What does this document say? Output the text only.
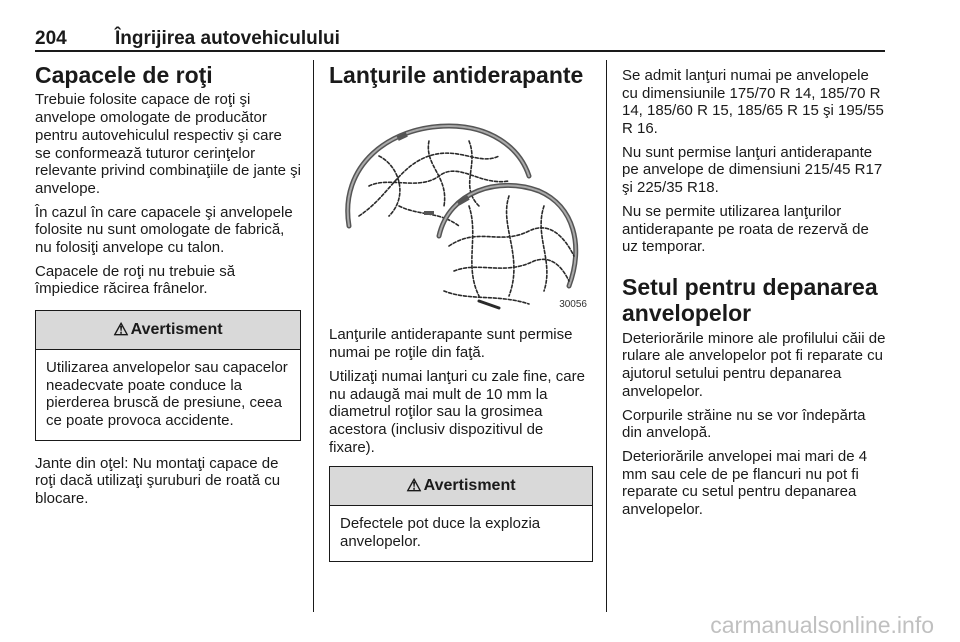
204	Îngrijirea autovehiculului
Capacele de roţi

Trebuie folosite capace de roţi şi anvelope omologate de producător pentru autovehiculul respectiv şi care se conformează tuturor cerinţelor relevante privind combinaţiile de jante şi anvelope.

În cazul în care capacele şi anvelopele folosite nu sunt omologate de fabrică, nu folosiţi anvelope cu talon.

Capacele de roţi nu trebuie să împiedice răcirea frânelor.

⚠ Avertisment
Utilizarea anvelopelor sau capacelor neadecvate poate conduce la pierderea bruscă de presiune, ceea ce poate provoca accidente.

Jante din oţel: Nu montaţi capace de roţi dacă utilizaţi şuruburi de roată cu blocare.

Lanţurile antiderapante
30056

Lanţurile antiderapante sunt permise numai pe roţile din faţă.

Utilizaţi numai lanţuri cu zale fine, care nu adaugă mai mult de 10 mm la diametrul roţilor sau la grosimea acestora (inclusiv dispozitivul de fixare).

⚠ Avertisment
Defectele pot duce la explozia anvelopelor.

Se admit lanţuri numai pe anvelopele cu dimensiunile 175/70 R 14, 185/70 R 14, 185/60 R 15, 185/65 R 15 şi 195/55 R 16.

Nu sunt permise lanţuri antiderapante pe anvelope de dimensiuni 215/45 R17 şi 225/35 R18.

Nu se permite utilizarea lanţurilor antiderapante pe roata de rezervă de uz temporar.

Setul pentru depanarea anvelopelor

Deteriorările minore ale profilului căii de rulare ale anvelopelor pot fi reparate cu ajutorul setului pentru depanarea anvelopelor.

Corpurile străine nu se vor îndepărta din anvelopă.

Deteriorările anvelopei mai mari de 4 mm sau cele de pe flancuri nu pot fi reparate cu setul pentru depanarea anvelopelor.

carmanualsonline.info
